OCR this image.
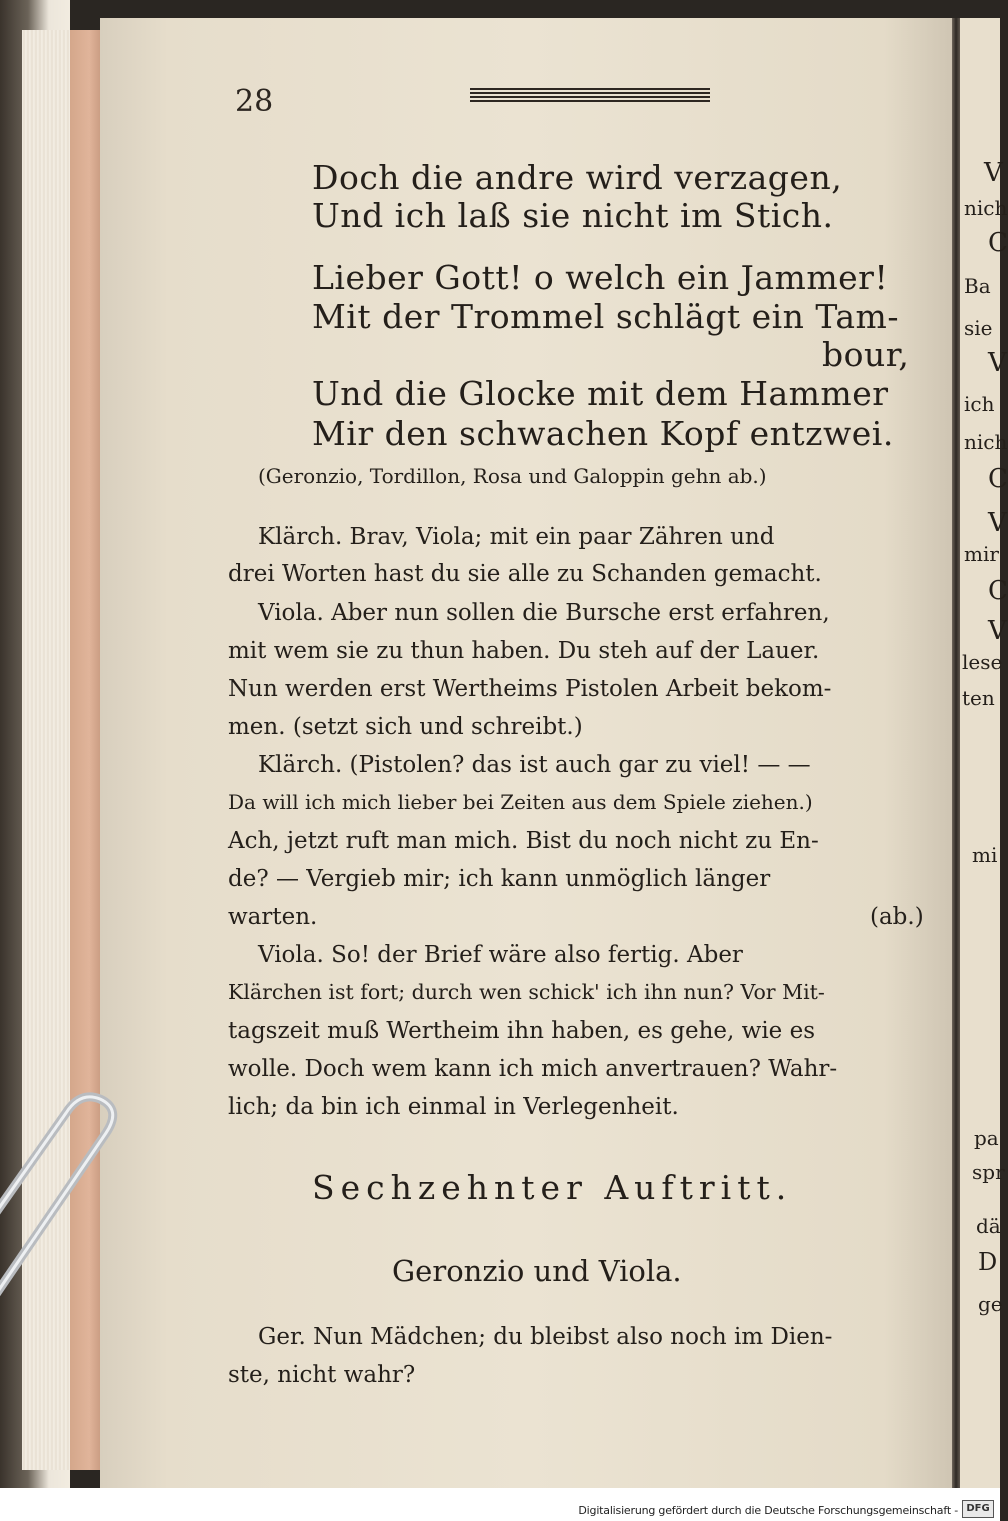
V
nich
C
Ba
sie
V
ich
nich
C
V
mir
C
V
lese
ten
mi
pa
spr
dä
D
ge
28
Doch die andre wird verzagen,
Und ich laß sie nicht im Stich.
Lieber Gott! o welch ein Jammer!
Mit der Trommel schlägt ein Tam-
bour,
Und die Glocke mit dem Hammer
Mir den schwachen Kopf entzwei.
(Geronzio, Tordillon, Rosa und Galoppin gehn ab.)
Klärch. Brav, Viola; mit ein paar Zähren und
drei Worten hast du sie alle zu Schanden gemacht.
Viola. Aber nun sollen die Bursche erst erfahren,
mit wem sie zu thun haben. Du steh auf der Lauer.
Nun werden erst Wertheims Pistolen Arbeit bekom-
men. (setzt sich und schreibt.)
Klärch. (Pistolen? das ist auch gar zu viel! — —
Da will ich mich lieber bei Zeiten aus dem Spiele ziehen.)
Ach, jetzt ruft man mich. Bist du noch nicht zu En-
de? — Vergieb mir; ich kann unmöglich länger
warten.	(ab.)
Viola. So! der Brief wäre also fertig. Aber
Klärchen ist fort; durch wen schick' ich ihn nun? Vor Mit-
tagszeit muß Wertheim ihn haben, es gehe, wie es
wolle. Doch wem kann ich mich anvertrauen? Wahr-
lich; da bin ich einmal in Verlegenheit.
Sechzehnter Auftritt.
Geronzio und Viola.
Ger. Nun Mädchen; du bleibst also noch im Dien-
ste, nicht wahr?
Digitalisierung gefördert durch die Deutsche Forschungsgemeinschaft - DFG
